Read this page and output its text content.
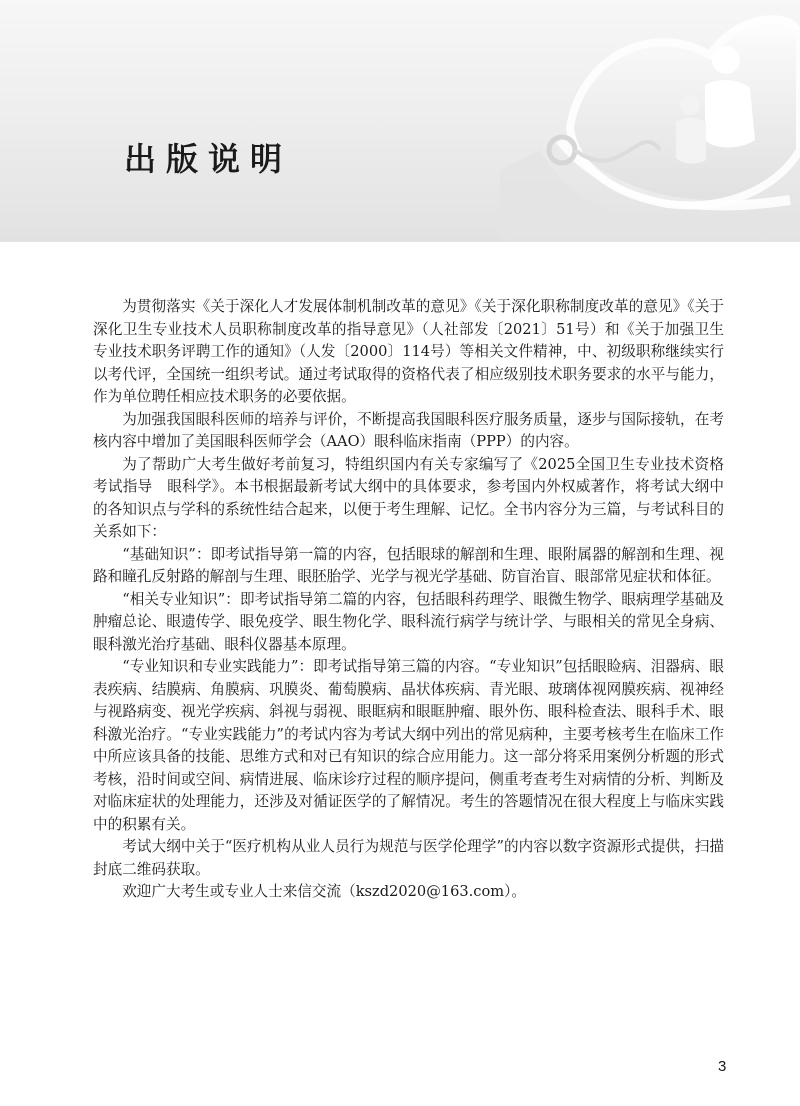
出版说明

为贯彻落实《关于深化人才发展体制机制改革的意见》《关于深化职称制度改革的意见》《关于深化卫生专业技术人员职称制度改革的指导意见》（人社部发〔2021〕51号）和《关于加强卫生专业技术职务评聘工作的通知》（人发〔2000〕114号）等相关文件精神，中、初级职称继续实行以考代评，全国统一组织考试。通过考试取得的资格代表了相应级别技术职务要求的水平与能力，作为单位聘任相应技术职务的必要依据。

为加强我国眼科医师的培养与评价，不断提高我国眼科医疗服务质量，逐步与国际接轨，在考核内容中增加了美国眼科医师学会（AAO）眼科临床指南（PPP）的内容。

为了帮助广大考生做好考前复习，特组织国内有关专家编写了《2025全国卫生专业技术资格考试指导　眼科学》。本书根据最新考试大纲中的具体要求，参考国内外权威著作，将考试大纲中的各知识点与学科的系统性结合起来，以便于考生理解、记忆。全书内容分为三篇，与考试科目的关系如下：

“基础知识”：即考试指导第一篇的内容，包括眼球的解剖和生理、眼附属器的解剖和生理、视路和瞳孔反射路的解剖与生理、眼胚胎学、光学与视光学基础、防盲治盲、眼部常见症状和体征。

“相关专业知识”：即考试指导第二篇的内容，包括眼科药理学、眼微生物学、眼病理学基础及肿瘤总论、眼遗传学、眼免疫学、眼生物化学、眼科流行病学与统计学、与眼相关的常见全身病、眼科激光治疗基础、眼科仪器基本原理。

“专业知识和专业实践能力”：即考试指导第三篇的内容。“专业知识”包括眼睑病、泪器病、眼表疾病、结膜病、角膜病、巩膜炎、葡萄膜病、晶状体疾病、青光眼、玻璃体视网膜疾病、视神经与视路病变、视光学疾病、斜视与弱视、眼眶病和眼眶肿瘤、眼外伤、眼科检查法、眼科手术、眼科激光治疗。“专业实践能力”的考试内容为考试大纲中列出的常见病种，主要考核考生在临床工作中所应该具备的技能、思维方式和对已有知识的综合应用能力。这一部分将采用案例分析题的形式考核，沿时间或空间、病情进展、临床诊疗过程的顺序提问，侧重考查考生对病情的分析、判断及对临床症状的处理能力，还涉及对循证医学的了解情况。考生的答题情况在很大程度上与临床实践中的积累有关。

考试大纲中关于“医疗机构从业人员行为规范与医学伦理学”的内容以数字资源形式提供，扫描封底二维码获取。

欢迎广大考生或专业人士来信交流（kszd2020@163.com）。

3
